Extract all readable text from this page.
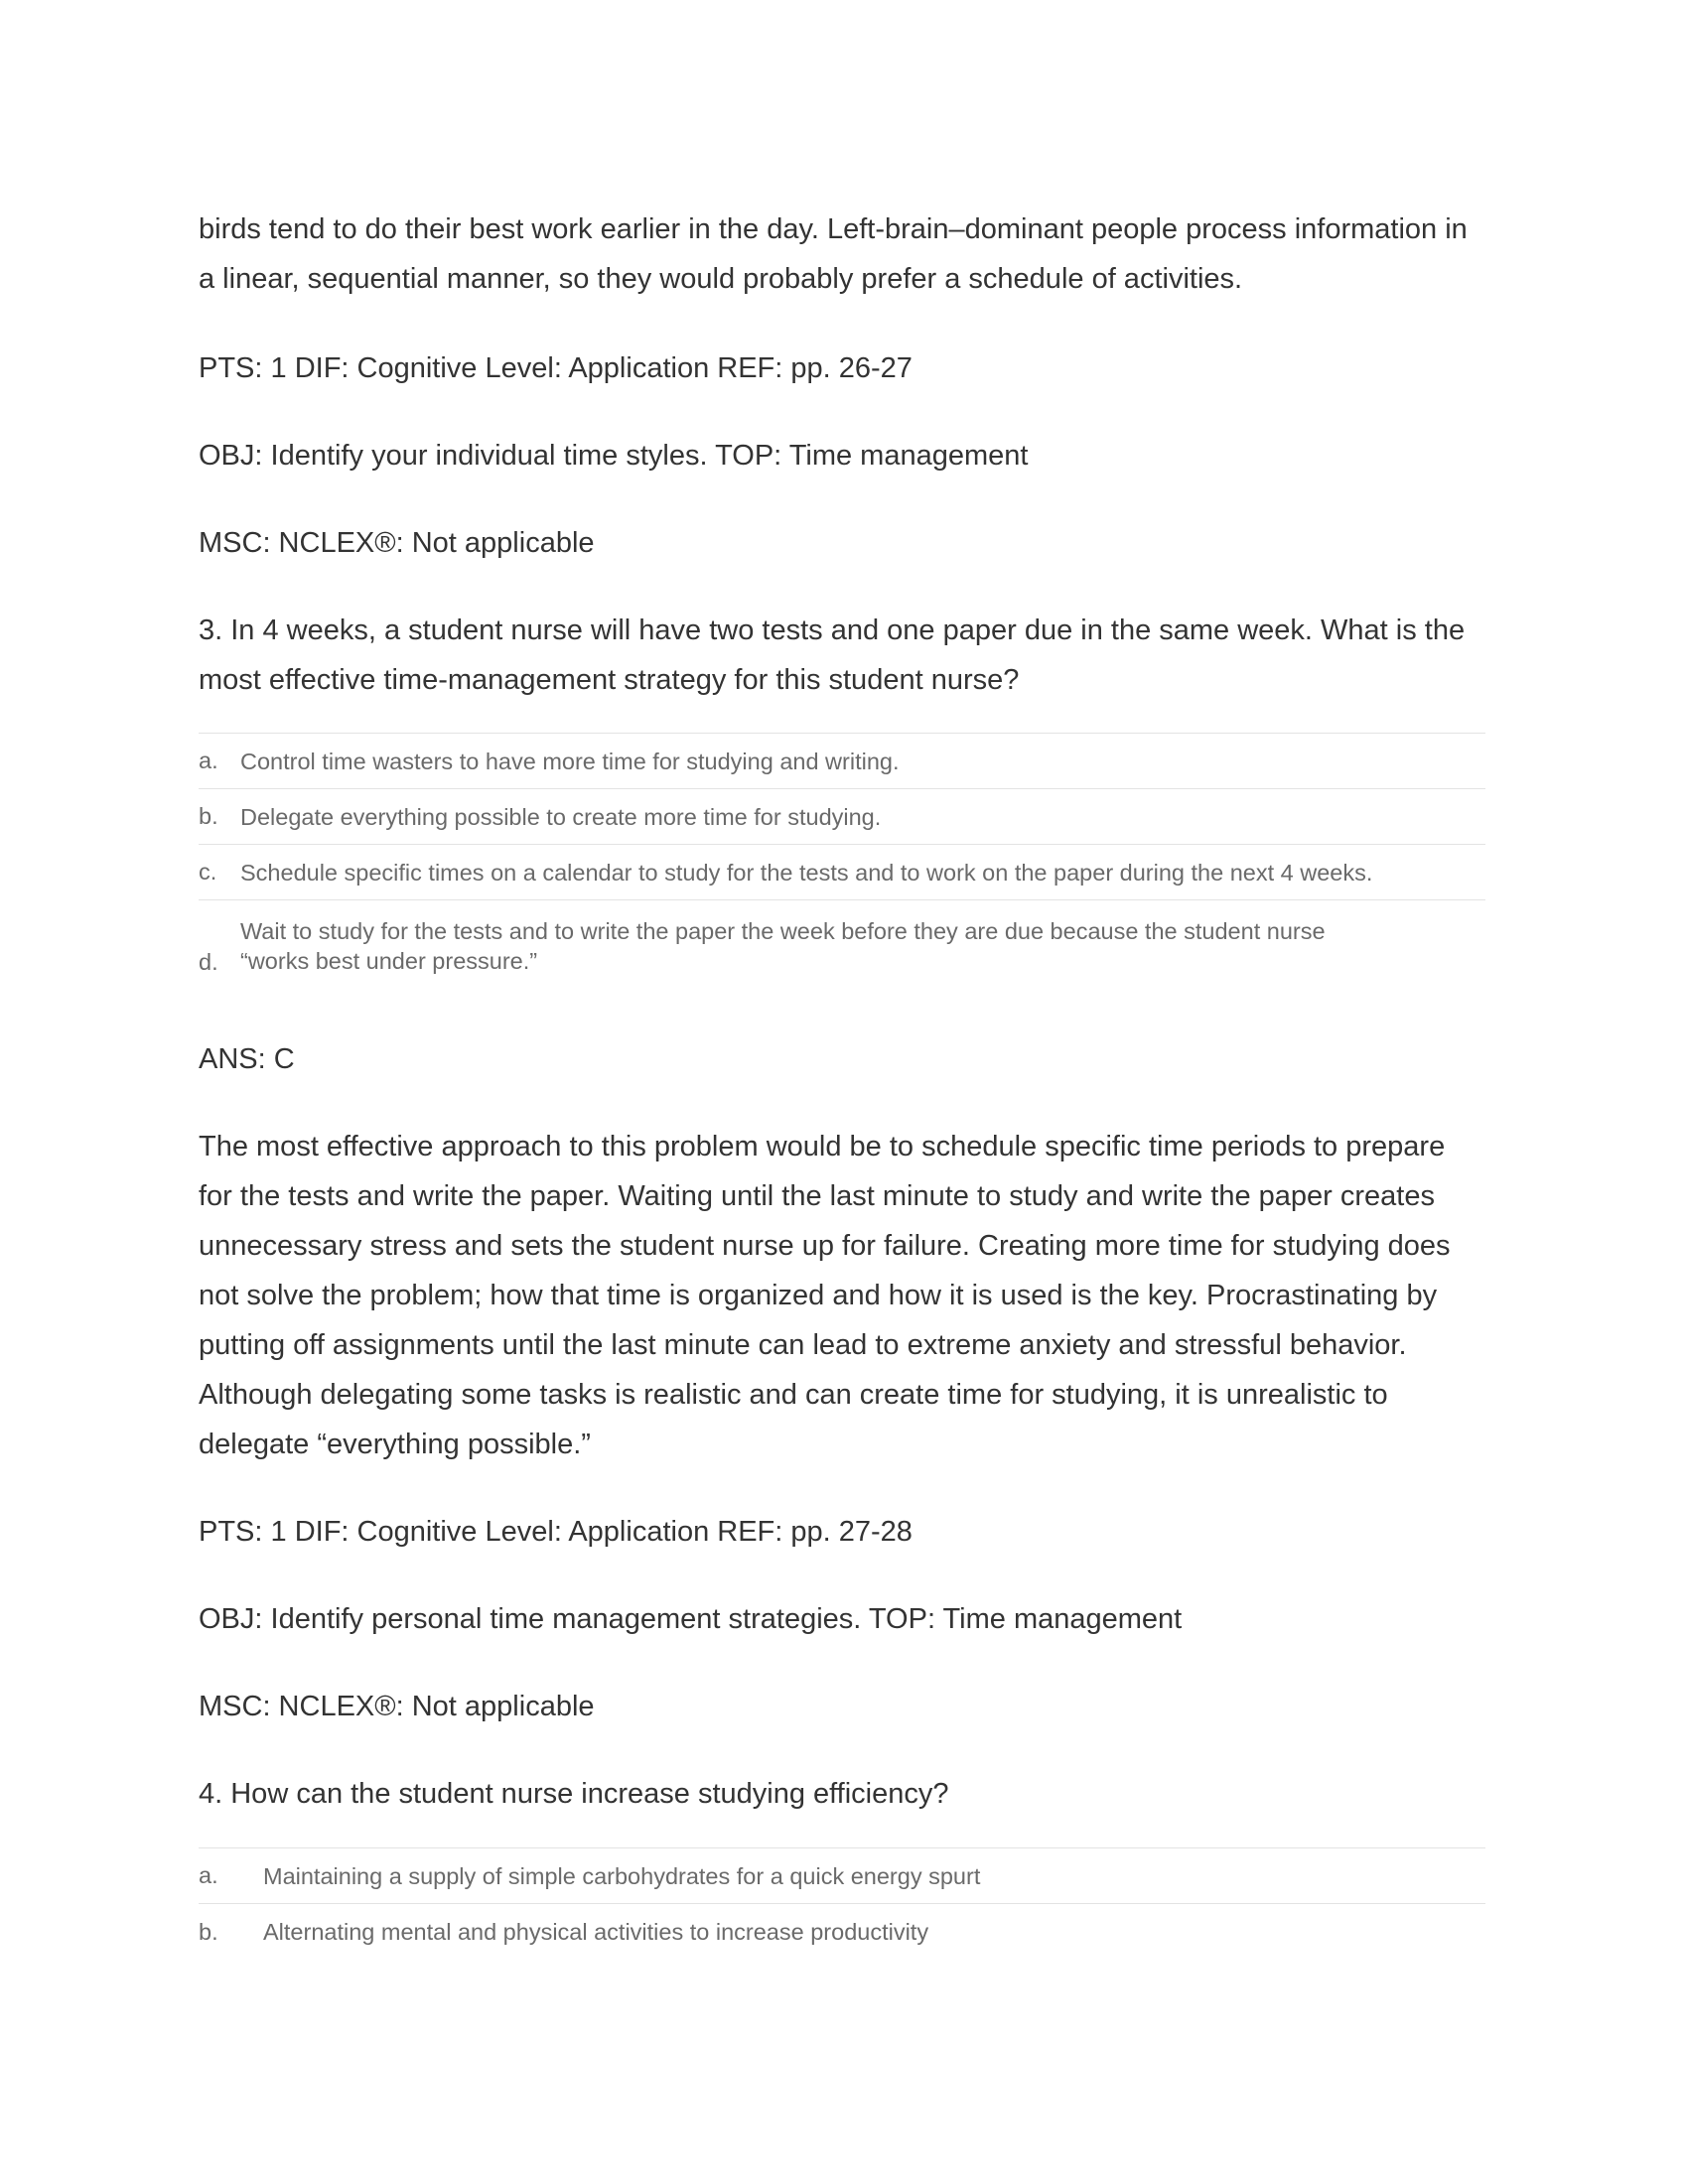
birds tend to do their best work earlier in the day. Left-brain–dominant people process information in
a linear, sequential manner, so they would probably prefer a schedule of activities.

PTS: 1 DIF: Cognitive Level: Application REF: pp. 26-27

OBJ: Identify your individual time styles. TOP: Time management

MSC: NCLEX®: Not applicable

3. In 4 weeks, a student nurse will have two tests and one paper due in the same week. What is the
most effective time-management strategy for this student nurse?

a. Control time wasters to have more time for studying and writing.
b. Delegate everything possible to create more time for studying.
c.	Schedule specific times on a calendar to study for the tests and to work on the paper during the next 4 weeks.
d.
Wait to study for the tests and to write the paper the week before they are due because the student nurse
“works best under pressure.”

ANS: C

The most effective approach to this problem would be to schedule specific time periods to prepare
for the tests and write the paper. Waiting until the last minute to study and write the paper creates
unnecessary stress and sets the student nurse up for failure. Creating more time for studying does
not solve the problem; how that time is organized and how it is used is the key. Procrastinating by
putting off assignments until the last minute can lead to extreme anxiety and stressful behavior.
Although delegating some tasks is realistic and can create time for studying, it is unrealistic to
delegate “everything possible.”

PTS: 1 DIF: Cognitive Level: Application REF: pp. 27-28

OBJ: Identify personal time management strategies. TOP: Time management

MSC: NCLEX®: Not applicable

4. How can the student nurse increase studying efficiency?

a.	Maintaining a supply of simple carbohydrates for a quick energy spurt
b.	Alternating mental and physical activities to increase productivity
